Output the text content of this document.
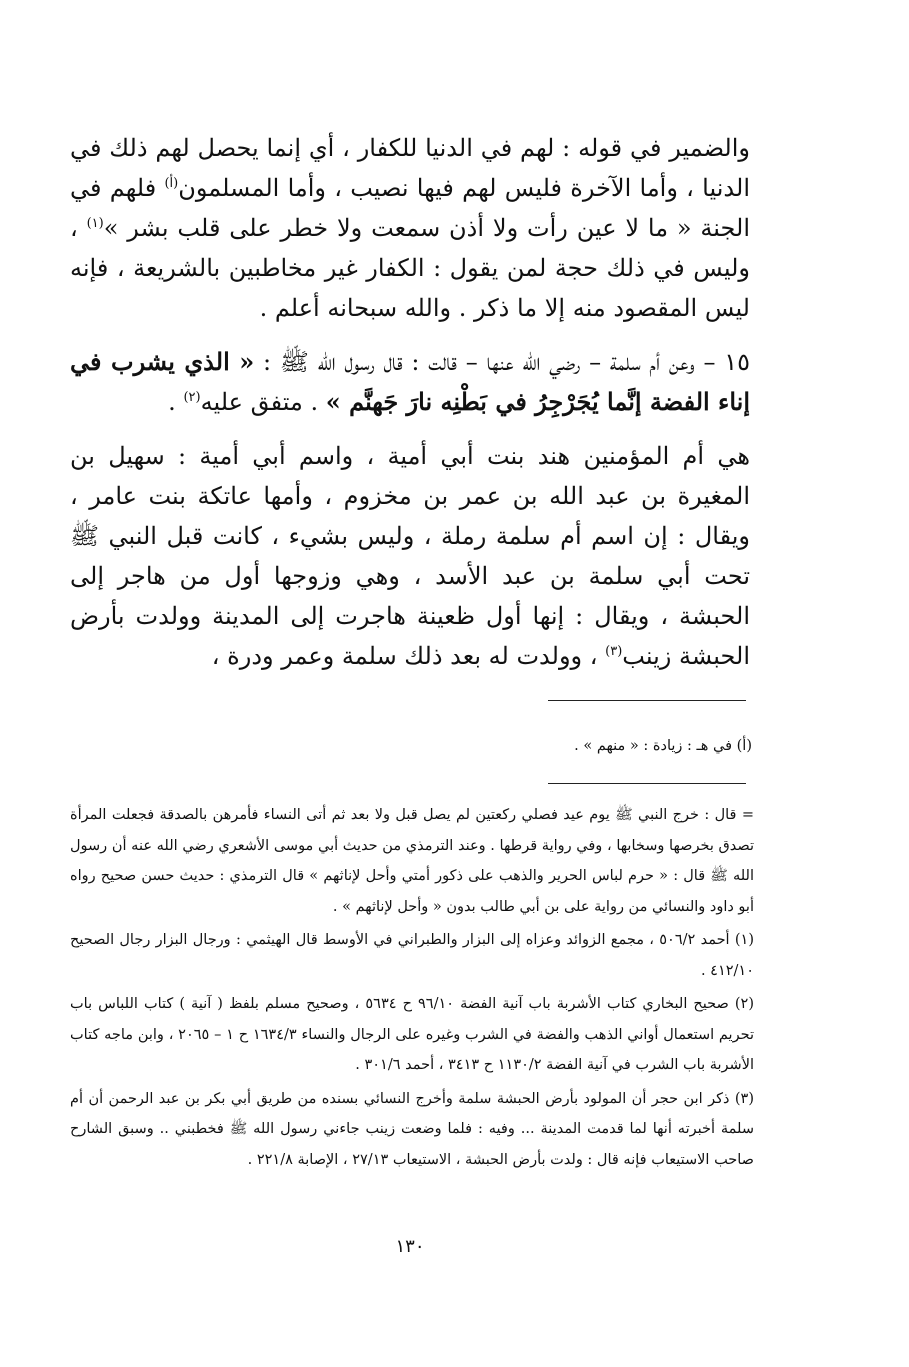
والضمير في قوله : لهم في الدنيا للكفار ، أي إنما يحصل لهم ذلك في الدنيا ، وأما الآخرة فليس لهم فيها نصيب ، وأما المسلمون$^{(أ)}$ فلهم في الجنة « ما لا عين رأت ولا أذن سمعت ولا خطر على قلب بشر »$^{(١)}$ ، وليس في ذلك حجة لمن يقول : الكفار غير مخاطبين بالشريعة ، فإنه ليس المقصود منه إلا ما ذكر . والله سبحانه أعلم .

١٥ – وعن أم سلمة – رضي الله عنها – قالت : قال رسول الله ﷺ : « الذي يشرب في إناء الفضة إنَّما يُجَرْجِرُ في بَطْنِه نارَ جَهنَّم » . متفق عليه$^{(٢)}$ .

هي أم المؤمنين هند بنت أبي أمية ، واسم أبي أمية : سهيل بن المغيرة بن عبد الله بن عمر بن مخزوم ، وأمها عاتكة بنت عامر ، ويقال : إن اسم أم سلمة رملة ، وليس بشيء ، كانت قبل النبي ﷺ تحت أبي سلمة بن عبد الأسد ، وهي وزوجها أول من هاجر إلى الحبشة ، ويقال : إنها أول ظعينة هاجرت إلى المدينة وولدت بأرض الحبشة زينب$^{(٣)}$ ، وولدت له بعد ذلك سلمة وعمر ودرة ،

(أ) في هـ : زيادة : « منهم » .

= قال : خرج النبي ﷺ يوم عيد فصلي ركعتين لم يصل قبل ولا بعد ثم أتى النساء فأمرهن بالصدقة فجعلت المرأة تصدق بخرصها وسخابها ، وفي رواية قرطها . وعند الترمذي من حديث أبي موسى الأشعري رضي الله عنه أن رسول الله ﷺ قال : « حرم لباس الحرير والذهب على ذكور أمتي وأحل لإناثهم » قال الترمذي : حديث حسن صحيح رواه أبو داود والنسائي من رواية على بن أبي طالب بدون « وأحل لإناثهم » .

(١) أحمد ٥٠٦/٢ ، مجمع الزوائد وعزاه إلى البزار والطبراني في الأوسط قال الهيثمي : ورجال البزار رجال الصحيح ٤١٢/١٠ .

(٢) صحيح البخاري كتاب الأشربة باب آنية الفضة ٩٦/١٠ ح ٥٦٣٤ ، وصحيح مسلم بلفظ ( آنية ) كتاب اللباس باب تحريم استعمال أواني الذهب والفضة في الشرب وغيره على الرجال والنساء ١٦٣٤/٣ ح ١ – ٢٠٦٥ ، وابن ماجه كتاب الأشربة باب الشرب في آنية الفضة ١١٣٠/٢ ح ٣٤١٣ ، أحمد ٣٠١/٦ .

(٣) ذكر ابن حجر أن المولود بأرض الحبشة سلمة وأخرج النسائي بسنده من طريق أبي بكر بن عبد الرحمن أن أم سلمة أخبرته أنها لما قدمت المدينة ... وفيه : فلما وضعت زينب جاءني رسول الله ﷺ فخطبني .. وسبق الشارح صاحب الاستيعاب فإنه قال : ولدت بأرض الحبشة ، الاستيعاب ٢٧/١٣ ، الإصابة ٢٢١/٨ .

١٣٠
